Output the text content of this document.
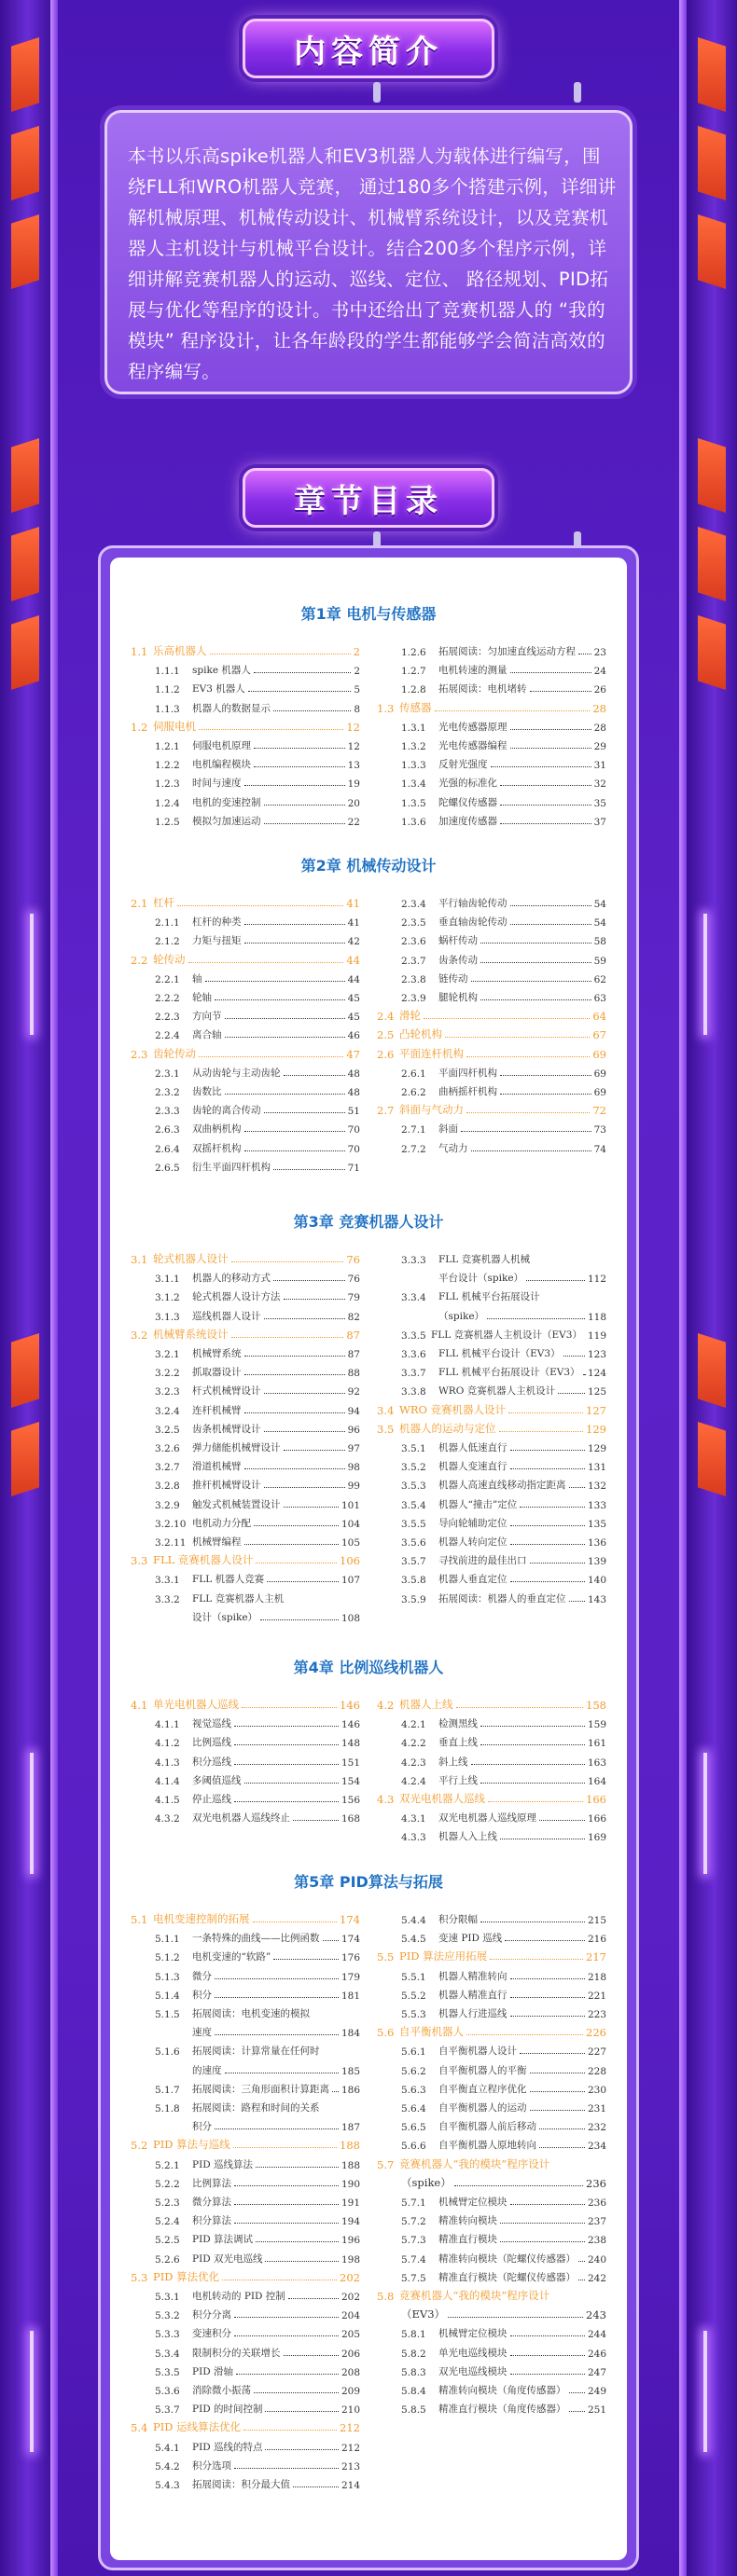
内容简介

本书以乐高spike机器人和EV3机器人为载体进行编写，围绕FLL和WRO机器人竞赛， 通过180多个搭建示例，详细讲解机械原理、机械传动设计、机械臂系统设计，以及竞赛机器人主机设计与机械平台设计。结合200多个程序示例，详细讲解竞赛机器人的运动、巡线、定位、 路径规划、PID拓展与优化等程序的设计。书中还给出了竞赛机器人的 “我的模块” 程序设计，让各年龄段的学生都能够学会简洁高效的程序编写。

章节目录
第1章 电机与传感器
1.1 乐高机器人	2
1.1.1	spike 机器人	2
1.1.2	EV3 机器人	5
1.1.3	机器人的数据显示	8
1.2 伺服电机	12
1.2.1	伺服电机原理	12
1.2.2	电机编程模块	13
1.2.3	时间与速度	19
1.2.4	电机的变速控制	20
1.2.5	模拟匀加速运动	22
1.2.6	拓展阅读：匀加速直线运动方程 23
1.2.7	电机转速的测量	24
1.2.8	拓展阅读：电机堵转	26
1.3 传感器	28
1.3.1	光电传感器原理	28
1.3.2	光电传感器编程	29
1.3.3	反射光强度	31
1.3.4	光强的标准化	32
1.3.5	陀螺仪传感器	35
1.3.6	加速度传感器	37
第2章 机械传动设计
2.1 杠杆	41
2.1.1	杠杆的种类	41
2.1.2	力矩与扭矩	42
2.2 轮传动	44
2.2.1	轴	44
2.2.2	轮轴	45
2.2.3	方向节	45
2.2.4	离合轴	46
2.3 齿轮传动	47
2.3.1	从动齿轮与主动齿轮	48
2.3.2	齿数比	48
2.3.3	齿轮的离合传动	51
2.6.3	双曲柄机构	70
2.6.4	双摇杆机构	70
2.6.5	衍生平面四杆机构	71
2.3.4	平行轴齿轮传动	54
2.3.5	垂直轴齿轮传动	54
2.3.6	蜗杆传动	58
2.3.7	齿条传动	59
2.3.8	链传动	62
2.3.9	腿轮机构	63
2.4 滑轮	64
2.5 凸轮机构	67
2.6 平面连杆机构	69
2.6.1	平面四杆机构	69
2.6.2	曲柄摇杆机构	69
2.7 斜面与气动力	72
2.7.1	斜面	73
2.7.2	气动力	74
第3章 竞赛机器人设计
3.1 轮式机器人设计	76
3.1.1	机器人的移动方式	76
3.1.2	轮式机器人设计方法	79
3.1.3	巡线机器人设计	82
3.2 机械臂系统设计	87
3.2.1	机械臂系统	87
3.2.2	抓取器设计	88
3.2.3	杆式机械臂设计	92
3.2.4	连杆机械臂	94
3.2.5	齿条机械臂设计	96
3.2.6	弹力储能机械臂设计	97
3.2.7	滑道机械臂	98
3.2.8	推杆机械臂设计	99
3.2.9	触发式机械装置设计	101
3.2.10 电机动力分配	104
3.2.11 机械臂编程	105
3.3 FLL 竞赛机器人设计	106
3.3.1	FLL 机器人竞赛	107
3.3.2	FLL 竞赛机器人主机
设计（spike）	108
3.3.3	FLL 竞赛机器人机械
平台设计（spike）	112
3.3.4	FLL 机械平台拓展设计
（spike）	118
3.3.5 FLL 竞赛机器人主机设计（EV3） 119
3.3.6	FLL 机械平台设计（EV3）	123
3.3.7	FLL 机械平台拓展设计（EV3） 124
3.3.8	WRO 竞赛机器人主机设计	125
3.4 WRO 竞赛机器人设计	127
3.5 机器人的运动与定位	129
3.5.1	机器人低速直行	129
3.5.2	机器人变速直行	131
3.5.3	机器人高速直线移动指定距离 132
3.5.4	机器人“撞击”定位	133
3.5.5	导向轮辅助定位	135
3.5.6	机器人转向定位	136
3.5.7	寻找前进的最佳出口	139
3.5.8	机器人垂直定位	140
3.5.9	拓展阅读：机器人的垂直定位 143
第4章 比例巡线机器人
4.1 单光电机器人巡线	146
4.1.1	视觉巡线	146
4.1.2	比例巡线	148
4.1.3	积分巡线	151
4.1.4	多阈值巡线	154
4.1.5	停止巡线	156
4.3.2	双光电机器人巡线终止	168
4.2 机器人上线	158
4.2.1	检测黑线	159
4.2.2	垂直上线	161
4.2.3	斜上线	163
4.2.4	平行上线	164
4.3 双光电机器人巡线	166
4.3.1	双光电机器人巡线原理	166
4.3.3	机器人入上线	169
第5章 PID算法与拓展
5.1 电机变速控制的拓展	174
5.1.1	一条特殊的曲线——比例函数 174
5.1.2	电机变速的“软路”	176
5.1.3	微分	179
5.1.4	积分	181
5.1.5	拓展阅读：电机变速的模拟
速度	184
5.1.6	拓展阅读：计算常量在任何时
的速度	185
5.1.7	拓展阅读：三角形面积计算距离 186
5.1.8	拓展阅读：路程和时间的关系
积分	187
5.2 PID 算法与巡线	188
5.2.1	PID 巡线算法	188
5.2.2	比例算法	190
5.2.3	微分算法	191
5.2.4	积分算法	194
5.2.5	PID 算法调试	196
5.2.6	PID 双光电巡线	198
5.3 PID 算法优化	202
5.3.1	电机转动的 PID 控制	202
5.3.2	积分分离	204
5.3.3	变速积分	205
5.3.4	限制积分的关联增长	206
5.3.5	PID 滑轴	208
5.3.6	消除微小振荡	209
5.3.7	PID 的时间控制	210
5.4 PID 运线算法优化	212
5.4.1	PID 巡线的特点	212
5.4.2	积分选项	213
5.4.3	拓展阅读：积分最大值	214
5.4.4	积分限幅	215
5.4.5	变速 PID 巡线	216
5.5 PID 算法应用拓展	217
5.5.1	机器人精准转向	218
5.5.2	机器人精准直行	221
5.5.3	机器人行进巡线	223
5.6 自平衡机器人	226
5.6.1	自平衡机器人设计	227
5.6.2	自平衡机器人的平衡	228
5.6.3	自平衡直立程序优化	230
5.6.4	自平衡机器人的运动	231
5.6.5	自平衡机器人前后移动	232
5.6.6	自平衡机器人原地转向	234
5.7 竞赛机器人“我的模块”程序设计
（spike）	236
5.7.1	机械臂定位模块	236
5.7.2	精准转向模块	237
5.7.3	精准直行模块	238
5.7.4	精准转向模块（陀螺仪传感器） 240
5.7.5	精准直行模块（陀螺仪传感器） 242
5.8 竞赛机器人“我的模块”程序设计
（EV3）	243
5.8.1	机械臂定位模块	244
5.8.2	单光电巡线模块	246
5.8.3	双光电巡线模块	247
5.8.4	精准转向模块（角度传感器） 249
5.8.5	精准直行模块（角度传感器） 251
